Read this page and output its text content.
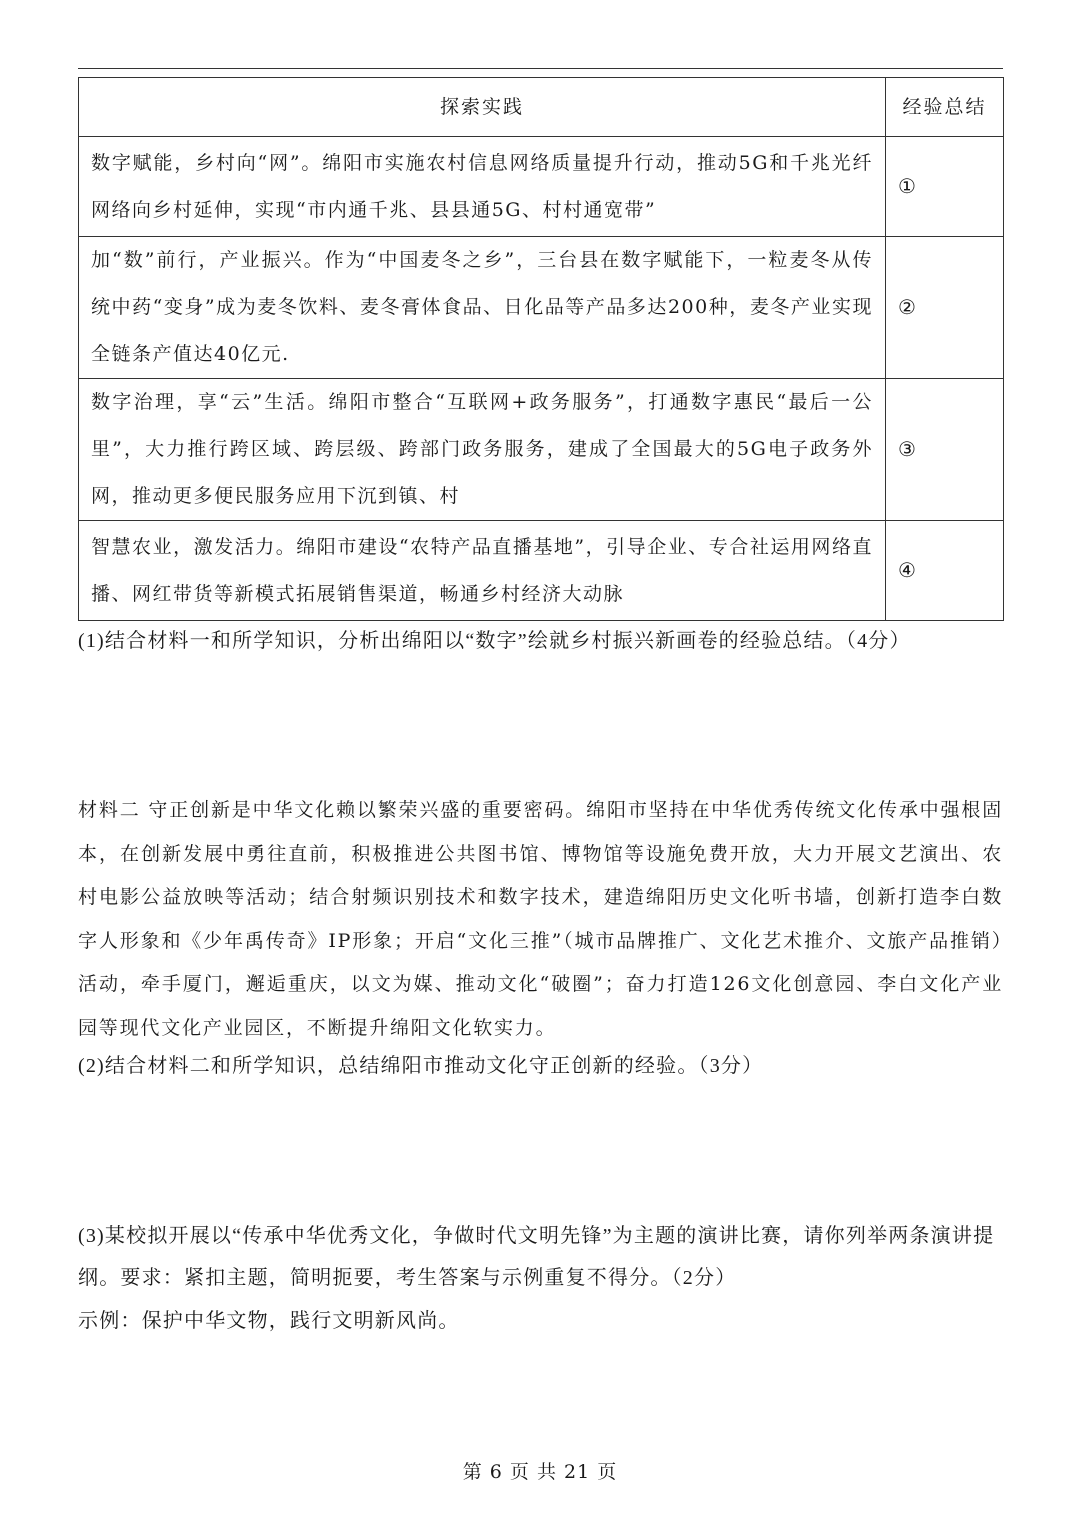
探索实践	经验总结
数字赋能，乡村向“网”。绵阳市实施农村信息网络质量提升行动，推动5G和千兆光纤网络向乡村延伸，实现“市内通千兆、县县通5G、村村通宽带”	①
加“数”前行，产业振兴。作为“中国麦冬之乡”，三台县在数字赋能下，一粒麦冬从传统中药“变身”成为麦冬饮料、麦冬膏体食品、日化品等产品多达200种，麦冬产业实现全链条产值达40亿元.	②
数字治理，享“云”生活。绵阳市整合“互联网+政务服务”，打通数字惠民“最后一公里”，大力推行跨区域、跨层级、跨部门政务服务，建成了全国最大的5G电子政务外网，推动更多便民服务应用下沉到镇、村	③
智慧农业，激发活力。绵阳市建设“农特产品直播基地”，引导企业、专合社运用网络直播、网红带货等新模式拓展销售渠道，畅通乡村经济大动脉	④
(1)结合材料一和所学知识，分析出绵阳以“数字”绘就乡村振兴新画卷的经验总结。（4分）
材料二 守正创新是中华文化赖以繁荣兴盛的重要密码。绵阳市坚持在中华优秀传统文化传承中强根固本，在创新发展中勇往直前，积极推进公共图书馆、博物馆等设施免费开放，大力开展文艺演出、农村电影公益放映等活动；结合射频识别技术和数字技术，建造绵阳历史文化听书墙，创新打造李白数字人形象和《少年禹传奇》IP形象；开启“文化三推”（城市品牌推广、文化艺术推介、文旅产品推销）活动，牵手厦门，邂逅重庆，以文为媒、推动文化“破圈”；奋力打造126文化创意园、李白文化产业园等现代文化产业园区，不断提升绵阳文化软实力。
(2)结合材料二和所学知识，总结绵阳市推动文化守正创新的经验。（3分）
(3)某校拟开展以“传承中华优秀文化，争做时代文明先锋”为主题的演讲比赛，请你列举两条演讲提纲。要求：紧扣主题，简明扼要，考生答案与示例重复不得分。（2分）
示例：保护中华文物，践行文明新风尚。
第 6 页 共 21 页
